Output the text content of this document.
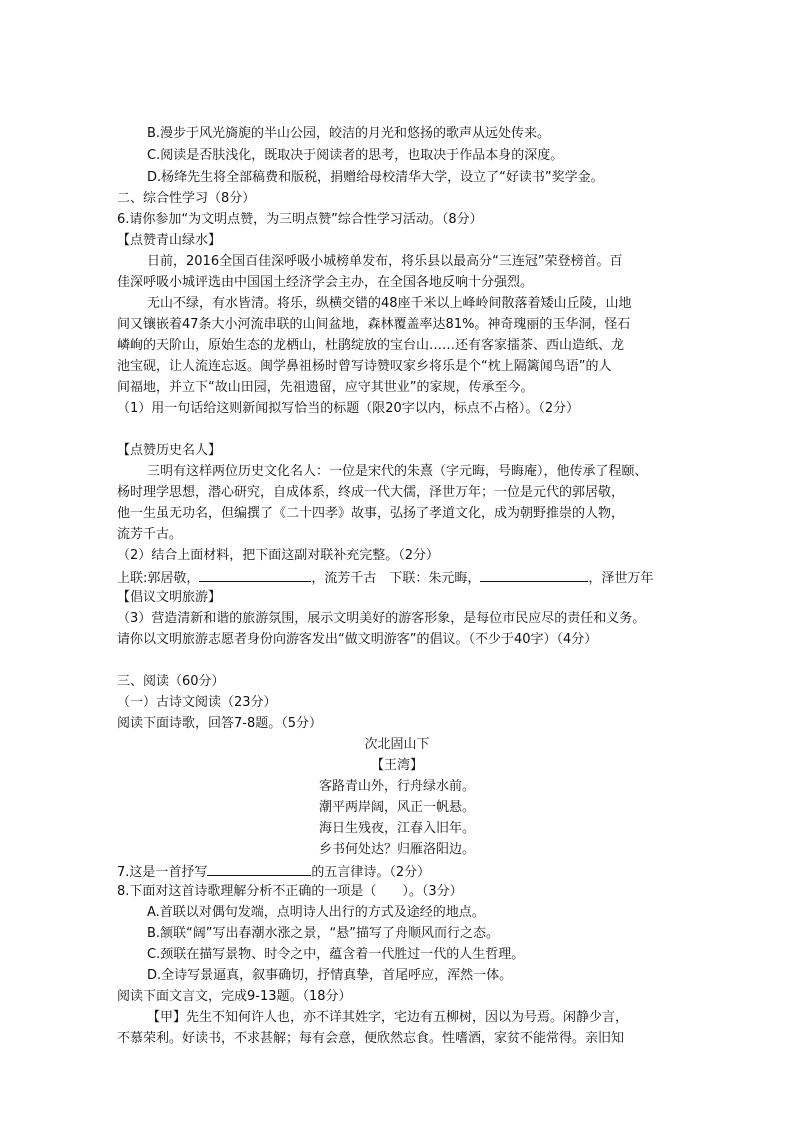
B.漫步于风光旖旎的半山公园，皎洁的月光和悠扬的歌声从远处传来。
C.阅读是否肤浅化，既取决于阅读者的思考，也取决于作品本身的深度。
D.杨绛先生将全部稿费和版税，捐赠给母校清华大学，设立了“好读书”奖学金。
二、综合性学习（8分）
6.请你参加“为文明点赞，为三明点赞”综合性学习活动。（8分）
【点赞青山绿水】
日前，2016全国百佳深呼吸小城榜单发布，将乐县以最高分“三连冠”荣登榜首。百
佳深呼吸小城评选由中国国土经济学会主办，在全国各地反响十分强烈。
无山不绿，有水皆清。将乐，纵横交错的48座千米以上峰岭间散落着矮山丘陵，山地
间又镶嵌着47条大小河流串联的山间盆地，森林覆盖率达81%。神奇瑰丽的玉华洞，怪石
嶙峋的天阶山，原始生态的龙栖山，杜鹃绽放的宝台山……还有客家擂茶、西山造纸、龙
池宝砚，让人流连忘返。闽学鼻祖杨时曾写诗赞叹家乡将乐是个“枕上隔篱闻鸟语”的人
间福地，并立下“故山田园，先祖遗留，应守其世业”的家规，传承至今。
（1）用一句话给这则新闻拟写恰当的标题（限20字以内，标点不占格）。（2分）
【点赞历史名人】
三明有这样两位历史文化名人：一位是宋代的朱熹（字元晦，号晦庵），他传承了程颐、
杨时理学思想，潜心研究，自成体系，终成一代大儒，泽世万年；一位是元代的郭居敬，
他一生虽无功名，但编撰了《二十四孝》故事，弘扬了孝道文化，成为朝野推崇的人物，
流芳千古。
（2）结合上面材料，把下面这副对联补充完整。（2分）
上联:郭居敬，	，流芳千古　下联：朱元晦，	，泽世万年
【倡议文明旅游】
（3）营造清新和谐的旅游氛围，展示文明美好的游客形象，是每位市民应尽的责任和义务。
请你以文明旅游志愿者身份向游客发出“做文明游客”的倡议。（不少于40字）（4分）
三、阅读（60分）
（一）古诗文阅读（23分）
阅读下面诗歌，回答7-8题。（5分）
次北固山下
【王湾】
客路青山外，行舟绿水前。
潮平两岸阔，风正一帆悬。
海日生残夜，江春入旧年。
乡书何处达？归雁洛阳边。
7.这是一首抒写	的五言律诗。（2分）
8.下面对这首诗歌理解分析不正确的一项是（　　）。（3分）
A.首联以对偶句发端，点明诗人出行的方式及途经的地点。
B.颔联“阔”写出春潮水涨之景，“悬”描写了舟顺风而行之态。
C.颈联在描写景物、时令之中，蕴含着一代胜过一代的人生哲理。
D.全诗写景逼真，叙事确切，抒情真挚，首尾呼应，浑然一体。
阅读下面文言文，完成9-13题。（18分）
【甲】先生不知何许人也，亦不详其姓字，宅边有五柳树，因以为号焉。闲静少言，
不慕荣利。好读书，不求甚解；每有会意，便欣然忘食。性嗜酒，家贫不能常得。亲旧知
